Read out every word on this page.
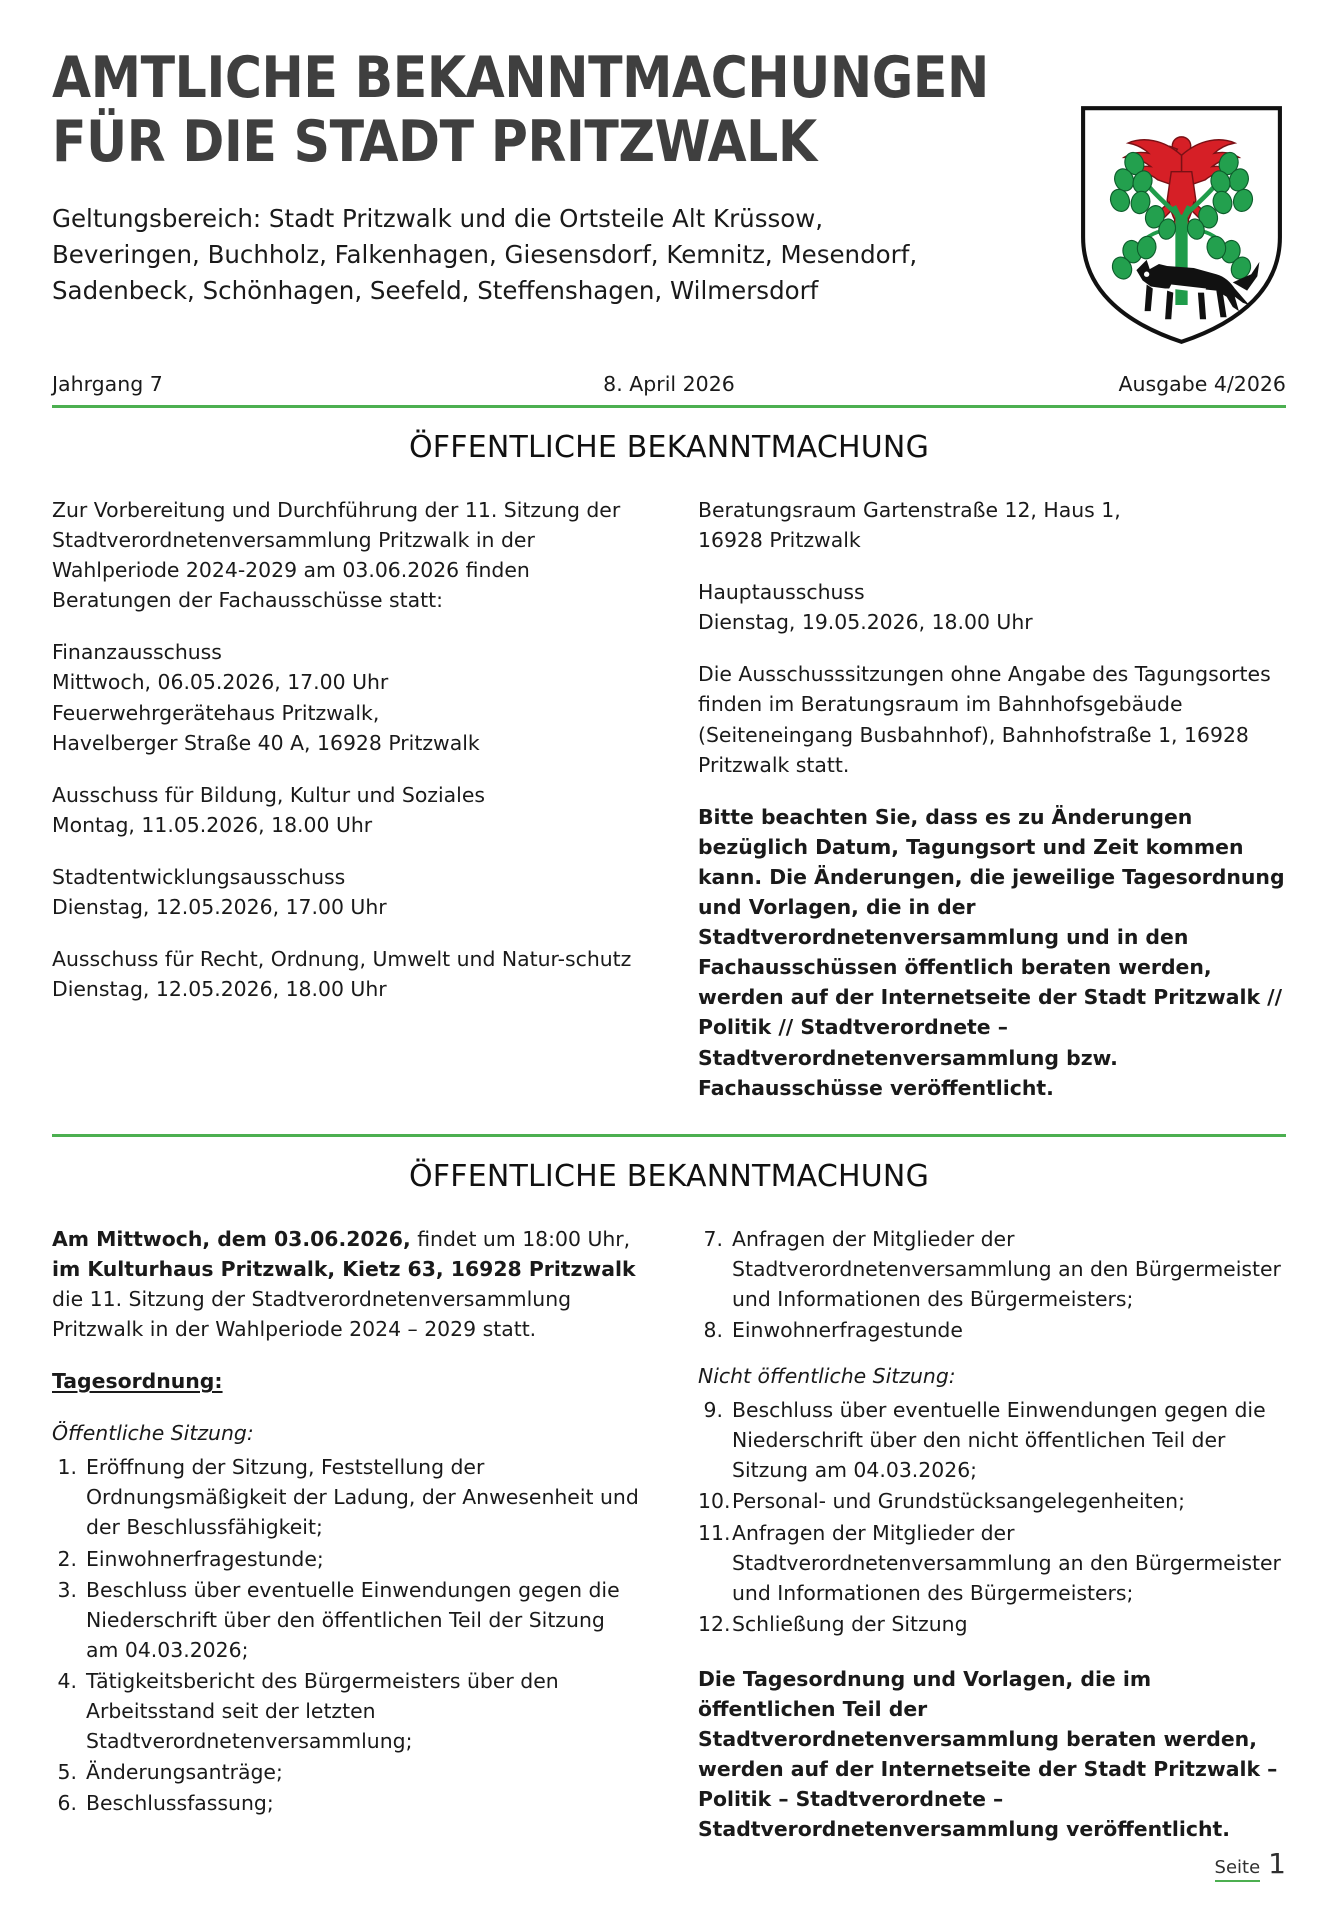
AMTLICHE BEKANNTMACHUNGEN
FÜR DIE STADT PRITZWALK
Geltungsbereich: Stadt Pritzwalk und die Ortsteile Alt Krüssow,
Beveringen, Buchholz, Falkenhagen, Giesensdorf, Kemnitz, Mesendorf,
Sadenbeck, Schönhagen, Seefeld, Steffenshagen, Wilmersdorf
Jahrgang 7	8. April 2026	Ausgabe 4/2026
ÖFFENTLICHE BEKANNTMACHUNG

Zur Vorbereitung und Durchführung der 11. Sitzung der Stadtverordnetenversammlung Pritzwalk in der Wahlperiode 2024-2029 am 03.06.2026 finden Beratungen der Fachausschüsse statt:

Finanzausschuss
Mittwoch, 06.05.2026, 17.00 Uhr
Feuerwehrgerätehaus Pritzwalk,
Havelberger Straße 40 A, 16928 Pritzwalk
Ausschuss für Bildung, Kultur und Soziales
Montag, 11.05.2026, 18.00 Uhr
Stadtentwicklungsausschuss
Dienstag, 12.05.2026, 17.00 Uhr
Ausschuss für Recht, Ordnung, Umwelt und Natur-schutz
Dienstag, 12.05.2026, 18.00 Uhr
Beratungsraum Gartenstraße 12, Haus 1,
16928 Pritzwalk
Hauptausschuss
Dienstag, 19.05.2026, 18.00 Uhr

Die Ausschusssitzungen ohne Angabe des Tagungsortes finden im Beratungsraum im Bahnhofsgebäude (Seiteneingang Busbahnhof), Bahnhofstraße 1, 16928 Pritzwalk statt.

Bitte beachten Sie, dass es zu Änderungen bezüglich Datum, Tagungsort und Zeit kommen kann. Die Änderungen, die jeweilige Tagesordnung und Vorlagen, die in der Stadtverordnetenversammlung und in den Fachausschüssen öffentlich beraten werden, werden auf der Internetseite der Stadt Pritzwalk // Politik // Stadtverordnete – Stadtverordnetenversammlung bzw. Fachausschüsse veröffentlicht.

ÖFFENTLICHE BEKANNTMACHUNG

Am Mittwoch, dem 03.06.2026, findet um 18:00 Uhr, im Kulturhaus Pritzwalk, Kietz 63, 16928 Pritzwalk die 11. Sitzung der Stadtverordnetenversammlung Pritzwalk in der Wahlperiode 2024 – 2029 statt.

Tagesordnung:

Öffentliche Sitzung:

1. Eröffnung der Sitzung, Feststellung der Ordnungsmäßigkeit der Ladung, der Anwesenheit und der Beschlussfähigkeit;
2. Einwohnerfragestunde;
3. Beschluss über eventuelle Einwendungen gegen die Niederschrift über den öffentlichen Teil der Sitzung am 04.03.2026;
4. Tätigkeitsbericht des Bürgermeisters über den Arbeitsstand seit der letzten Stadtverordnetenversammlung;
5. Änderungsanträge;
6. Beschlussfassung;
7. Anfragen der Mitglieder der Stadtverordnetenversammlung an den Bürgermeister und Informationen des Bürgermeisters;
8. Einwohnerfragestunde

Nicht öffentliche Sitzung:

9. Beschluss über eventuelle Einwendungen gegen die Niederschrift über den nicht öffentlichen Teil der Sitzung am 04.03.2026;
10. Personal- und Grundstücksangelegenheiten;
11. Anfragen der Mitglieder der Stadtverordnetenversammlung an den Bürgermeister und Informationen des Bürgermeisters;
12. Schließung der Sitzung

Die Tagesordnung und Vorlagen, die im öffentlichen Teil der Stadtverordnetenversammlung beraten werden, werden auf der Internetseite der Stadt Pritzwalk – Politik – Stadtverordnete – Stadtverordnetenversammlung veröffentlicht.

Seite 1
